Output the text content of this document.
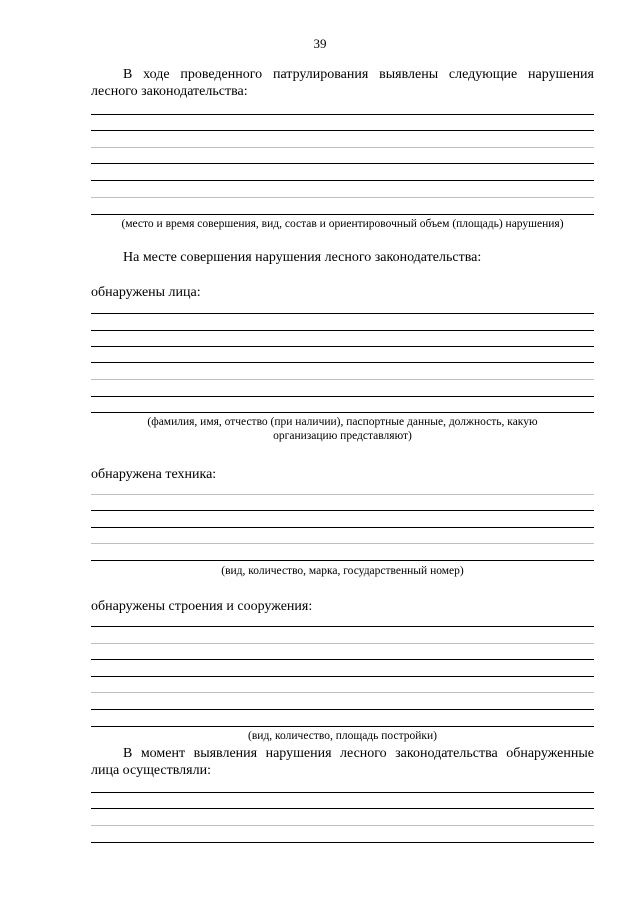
39
В ходе проведенного патрулирования выявлены следующие нарушения лесного законодательства:
(место и время совершения, вид, состав и ориентировочный объем (площадь) нарушения)
На месте совершения нарушения лесного законодательства:
обнаружены лица:
(фамилия, имя, отчество (при наличии), паспортные данные, должность, какую
организацию представляют)
обнаружена техника:
(вид, количество, марка, государственный номер)
обнаружены строения и сооружения:
(вид, количество, площадь постройки)
В момент выявления нарушения лесного законодательства обнаруженные лица осуществляли:
